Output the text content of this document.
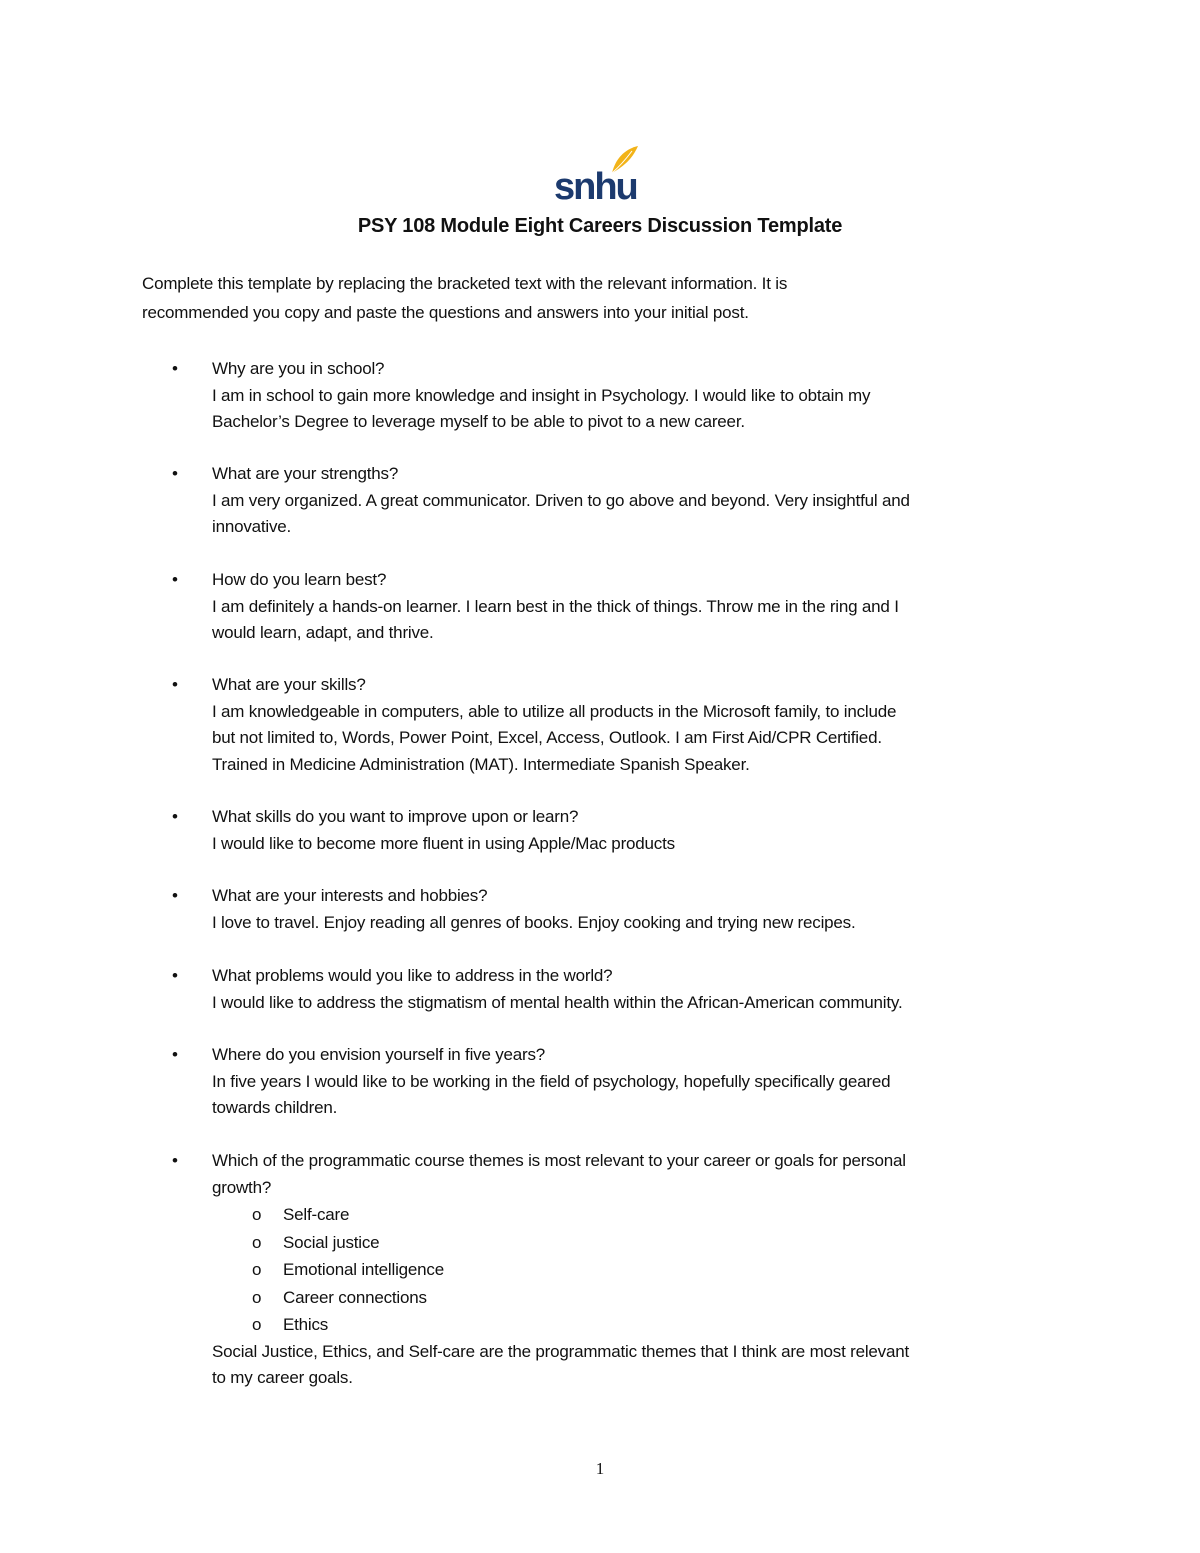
snhu
PSY 108 Module Eight Careers Discussion Template
Complete this template by replacing the bracketed text with the relevant information. It is
recommended you copy and paste the questions and answers into your initial post.
• Why are you in school?
I am in school to gain more knowledge and insight in Psychology. I would like to obtain my
Bachelor’s Degree to leverage myself to be able to pivot to a new career.
• What are your strengths?
I am very organized. A great communicator. Driven to go above and beyond. Very insightful and
innovative.
• How do you learn best?
I am definitely a hands-on learner. I learn best in the thick of things. Throw me in the ring and I
would learn, adapt, and thrive.
• What are your skills?
I am knowledgeable in computers, able to utilize all products in the Microsoft family, to include
but not limited to, Words, Power Point, Excel, Access, Outlook. I am First Aid/CPR Certified.
Trained in Medicine Administration (MAT). Intermediate Spanish Speaker.
• What skills do you want to improve upon or learn?
I would like to become more fluent in using Apple/Mac products
• What are your interests and hobbies?
I love to travel. Enjoy reading all genres of books. Enjoy cooking and trying new recipes.
• What problems would you like to address in the world?
I would like to address the stigmatism of mental health within the African-American community.
• Where do you envision yourself in five years?
In five years I would like to be working in the field of psychology, hopefully specifically geared
towards children.
• Which of the programmatic course themes is most relevant to your career or goals for personal
growth?
o Self-care
o Social justice
o Emotional intelligence
o Career connections
o Ethics
Social Justice, Ethics, and Self-care are the programmatic themes that I think are most relevant
to my career goals.
1
